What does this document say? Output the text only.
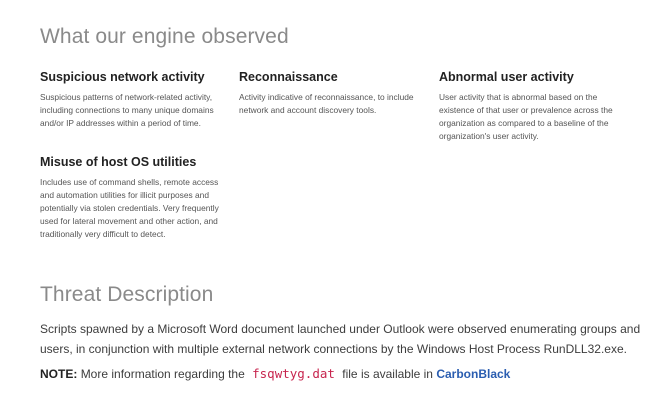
What our engine observed
Suspicious network activity

Suspicious patterns of network-related activity, including connections to many unique domains and/or IP addresses within a period of time.

Reconnaissance

Activity indicative of reconnaissance, to include network and account discovery tools.

Abnormal user activity

User activity that is abnormal based on the existence of that user or prevalence across the organization as compared to a baseline of the organization's user activity.

Misuse of host OS utilities

Includes use of command shells, remote access and automation utilities for illicit purposes and potentially via stolen credentials. Very frequently used for lateral movement and other action, and traditionally very difficult to detect.

Threat Description

Scripts spawned by a Microsoft Word document launched under Outlook were observed enumerating groups and users, in conjunction with multiple external network connections by the Windows Host Process RunDLL32.exe.

NOTE: More information regarding the fsqwtyg.dat file is available in CarbonBlack
